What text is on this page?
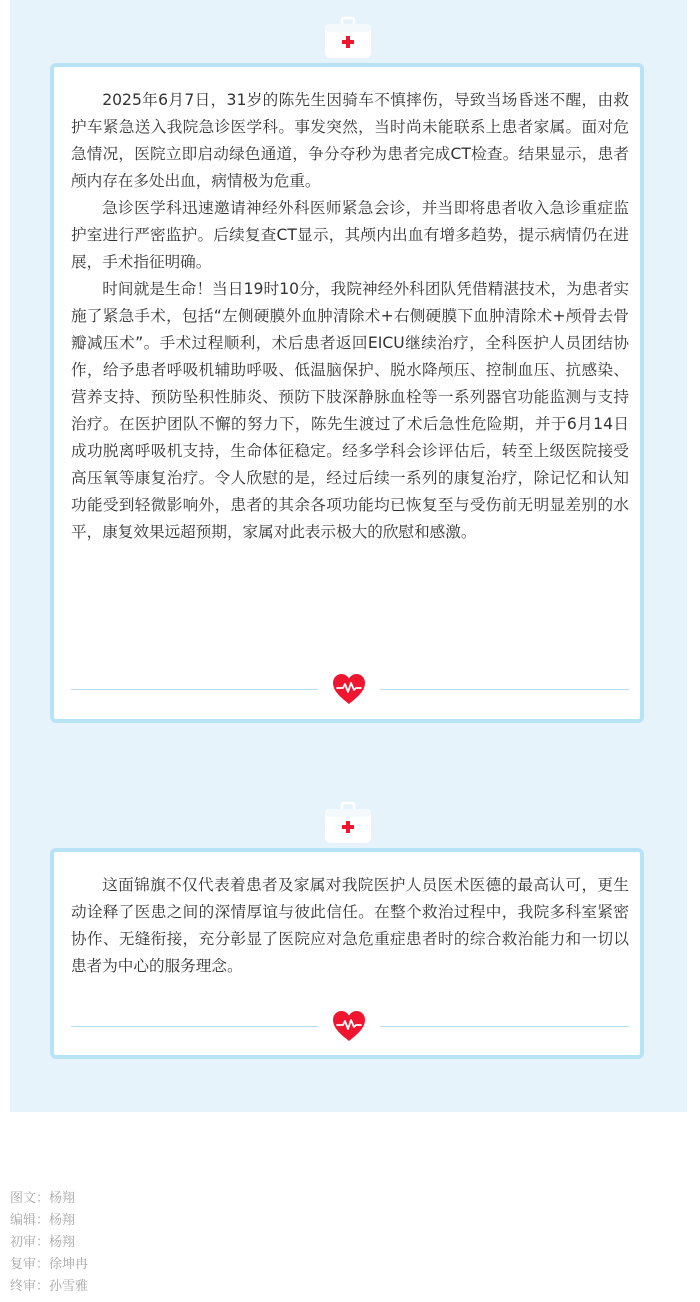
2025年6月7日，31岁的陈先生因骑车不慎摔伤，导致当场昏迷不醒，由救护车紧急送入我院急诊医学科。事发突然，当时尚未能联系上患者家属。面对危急情况，医院立即启动绿色通道，争分夺秒为患者完成CT检查。结果显示，患者颅内存在多处出血，病情极为危重。

急诊医学科迅速邀请神经外科医师紧急会诊，并当即将患者收入急诊重症监护室进行严密监护。后续复查CT显示，其颅内出血有增多趋势，提示病情仍在进展，手术指征明确。

时间就是生命！当日19时10分，我院神经外科团队凭借精湛技术，为患者实施了紧急手术，包括“左侧硬膜外血肿清除术+右侧硬膜下血肿清除术+颅骨去骨瓣减压术”。手术过程顺利，术后患者返回EICU继续治疗，全科医护人员团结协作，给予患者呼吸机辅助呼吸、低温脑保护、脱水降颅压、控制血压、抗感染、营养支持、预防坠积性肺炎、预防下肢深静脉血栓等一系列器官功能监测与支持治疗。在医护团队不懈的努力下，陈先生渡过了术后急性危险期，并于6月14日成功脱离呼吸机支持，生命体征稳定。经多学科会诊评估后，转至上级医院接受高压氧等康复治疗。令人欣慰的是，经过后续一系列的康复治疗，除记忆和认知功能受到轻微影响外，患者的其余各项功能均已恢复至与受伤前无明显差别的水平，康复效果远超预期，家属对此表示极大的欣慰和感激。

这面锦旗不仅代表着患者及家属对我院医护人员医术医德的最高认可，更生动诠释了医患之间的深情厚谊与彼此信任。在整个救治过程中，我院多科室紧密协作、无缝衔接，充分彰显了医院应对急危重症患者时的综合救治能力和一切以患者为中心的服务理念。

图文：杨翔
编辑：杨翔
初审：杨翔
复审：徐坤冉
终审：孙雪雅
